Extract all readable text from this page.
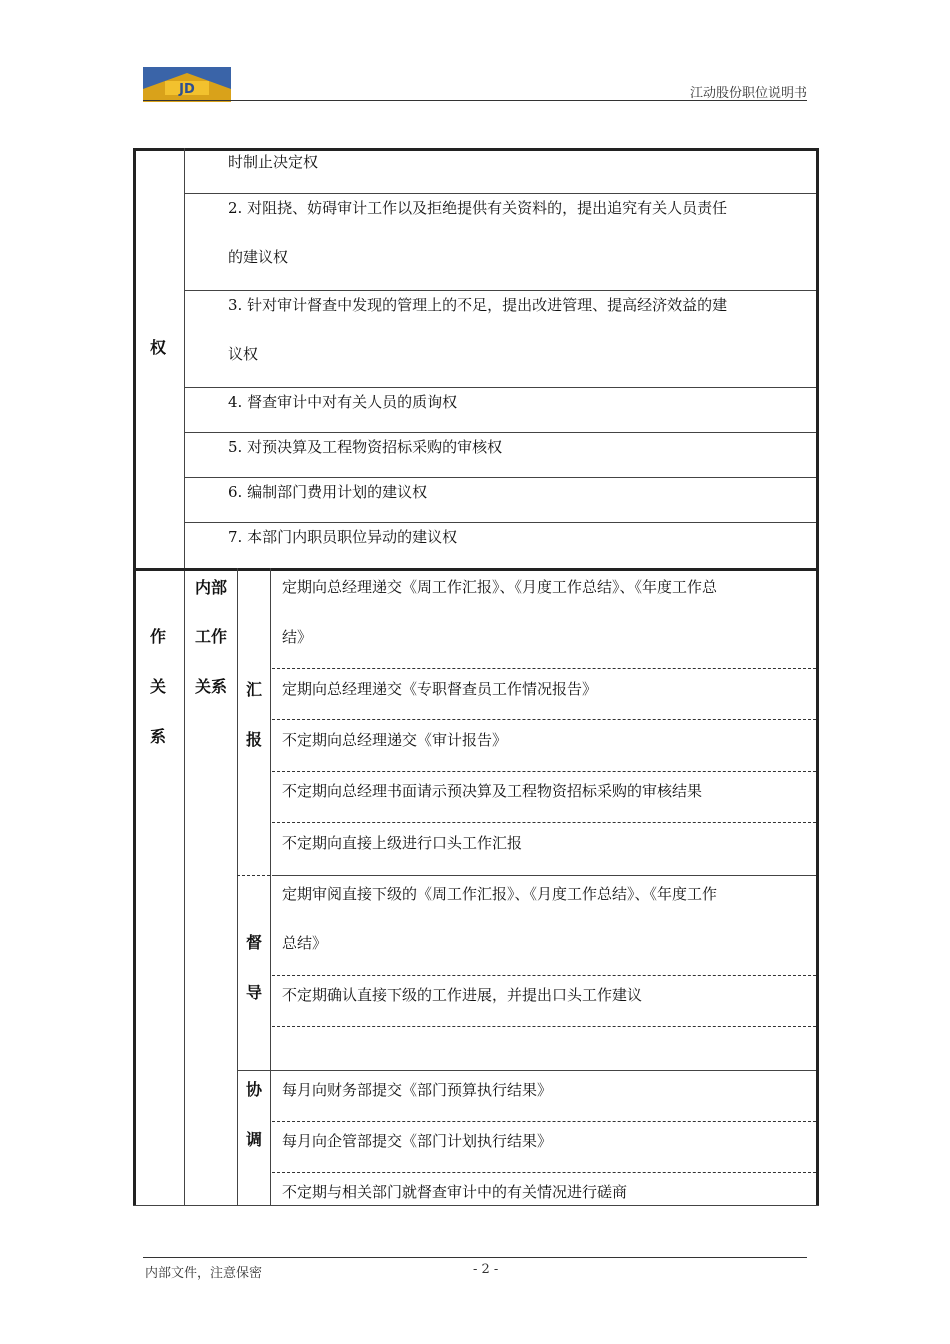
JD	江动股份职位说明书
权
时制止决定权
2. 对阻挠、妨碍审计工作以及拒绝提供有关资料的，提出追究有关人员责任
的建议权
3. 针对审计督查中发现的管理上的不足，提出改进管理、提高经济效益的建
议权
4. 督查审计中对有关人员的质询权
5. 对预决算及工程物资招标采购的审核权
6. 编制部门费用计划的建议权
7. 本部门内职员职位异动的建议权
作
关
系
内部
工作
关系 汇
报
督
导
协
调
定期向总经理递交《周工作汇报》、《月度工作总结》、《年度工作总
结》
定期向总经理递交《专职督查员工作情况报告》
不定期向总经理递交《审计报告》
不定期向总经理书面请示预决算及工程物资招标采购的审核结果
不定期向直接上级进行口头工作汇报
定期审阅直接下级的《周工作汇报》、《月度工作总结》、《年度工作
总结》
不定期确认直接下级的工作进展，并提出口头工作建议
每月向财务部提交《部门预算执行结果》
每月向企管部提交《部门计划执行结果》
不定期与相关部门就督查审计中的有关情况进行磋商
内部文件，注意保密	- 2 -
